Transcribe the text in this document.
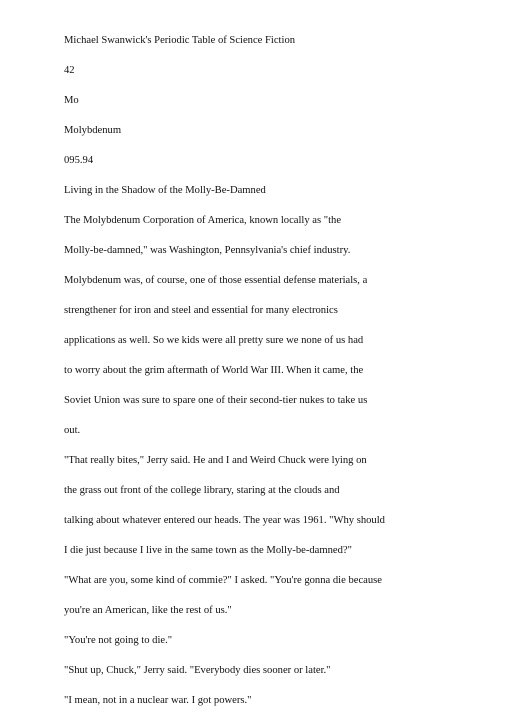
Michael Swanwick's Periodic Table of Science Fiction
42
Mo
Molybdenum
095.94
Living in the Shadow of the Molly-Be-Damned
The Molybdenum Corporation of America, known locally as "the
Molly-be-damned," was Washington, Pennsylvania's chief industry.
Molybdenum was, of course, one of those essential defense materials, a
strengthener for iron and steel and essential for many electronics
applications as well. So we kids were all pretty sure we none of us had
to worry about the grim aftermath of World War III. When it came, the
Soviet Union was sure to spare one of their second-tier nukes to take us
out.
"That really bites," Jerry said. He and I and Weird Chuck were lying on
the grass out front of the college library, staring at the clouds and
talking about whatever entered our heads. The year was 1961. "Why should
I die just because I live in the same town as the Molly-be-damned?"
"What are you, some kind of commie?" I asked. "You're gonna die because
you're an American, like the rest of us."
"You're not going to die."
"Shut up, Chuck," Jerry said. "Everybody dies sooner or later."
"I mean, not in a nuclear war. I got powers."
